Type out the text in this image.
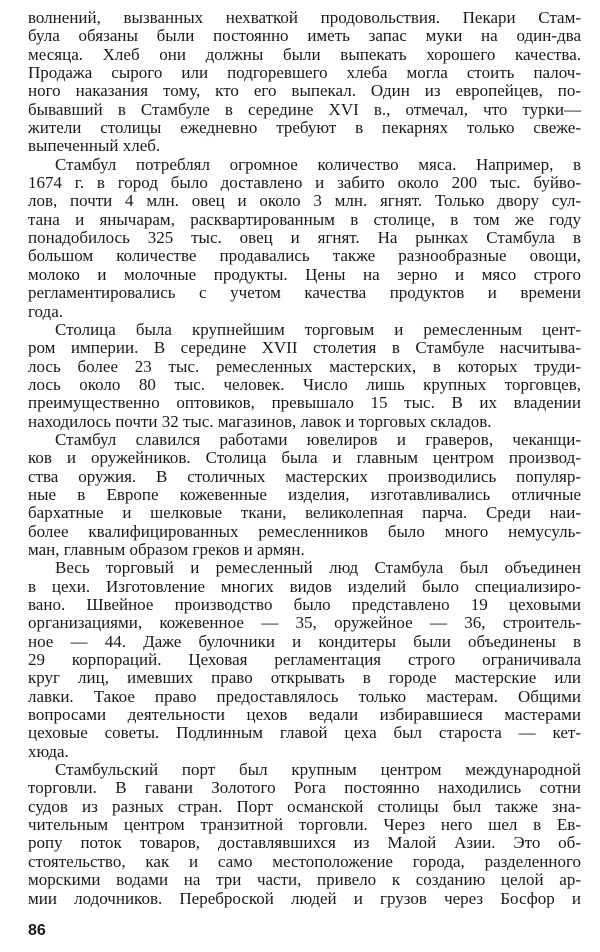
волнений, вызванных нехваткой продовольствия. Пекари Стам-
була обязаны были постоянно иметь запас муки на один-два
месяца. Хлеб они должны были выпекать хорошего качества.
Продажа сырого или подгоревшего хлеба могла стоить палоч-
ного наказания тому, кто его выпекал. Один из европейцев, по-
бывавший в Стамбуле в середине XVI в., отмечал, что турки—
жители столицы ежедневно требуют в пекарнях только свеже-
выпеченный хлеб.
Стамбул потреблял огромное количество мяса. Например, в
1674 г. в город было доставлено и забито около 200 тыс. буйво-
лов, почти 4 млн. овец и около 3 млн. ягнят. Только двору сул-
тана и янычарам, расквартированным в столице, в том же году
понадобилось 325 тыс. овец и ягнят. На рынках Стамбула в
большом количестве продавались также разнообразные овощи,
молоко и молочные продукты. Цены на зерно и мясо строго
регламентировались с учетом качества продуктов и времени
года.
Столица была крупнейшим торговым и ремесленным цент-
ром империи. В середине XVII столетия в Стамбуле насчитыва-
лось более 23 тыс. ремесленных мастерских, в которых труди-
лось около 80 тыс. человек. Число лишь крупных торговцев,
преимущественно оптовиков, превышало 15 тыс. В их владении
находилось почти 32 тыс. магазинов, лавок и торговых складов.
Стамбул славился работами ювелиров и граверов, чеканщи-
ков и оружейников. Столица была и главным центром производ-
ства оружия. В столичных мастерских производились популяр-
ные в Европе кожевенные изделия, изготавливались отличные
бархатные и шелковые ткани, великолепная парча. Среди наи-
более квалифицированных ремесленников было много немусуль-
ман, главным образом греков и армян.
Весь торговый и ремесленный люд Стамбула был объединен
в цехи. Изготовление многих видов изделий было специализиро-
вано. Швейное производство было представлено 19 цеховыми
организациями, кожевенное — 35, оружейное — 36, строитель-
ное — 44. Даже булочники и кондитеры были объединены в
29 корпораций. Цеховая регламентация строго ограничивала
круг лиц, имевших право открывать в городе мастерские или
лавки. Такое право предоставлялось только мастерам. Общими
вопросами деятельности цехов ведали избиравшиеся мастерами
цеховые советы. Подлинным главой цеха был староста — кет-
хюда.
Стамбульский порт был крупным центром международной
торговли. В гавани Золотого Рога постоянно находились сотни
судов из разных стран. Порт османской столицы был также зна-
чительным центром транзитной торговли. Через него шел в Ев-
ропу поток товаров, доставлявшихся из Малой Азии. Это об-
стоятельство, как и само местоположение города, разделенного
морскими водами на три части, привело к созданию целой ар-
мии лодочников. Переброской людей и грузов через Босфор и
86
